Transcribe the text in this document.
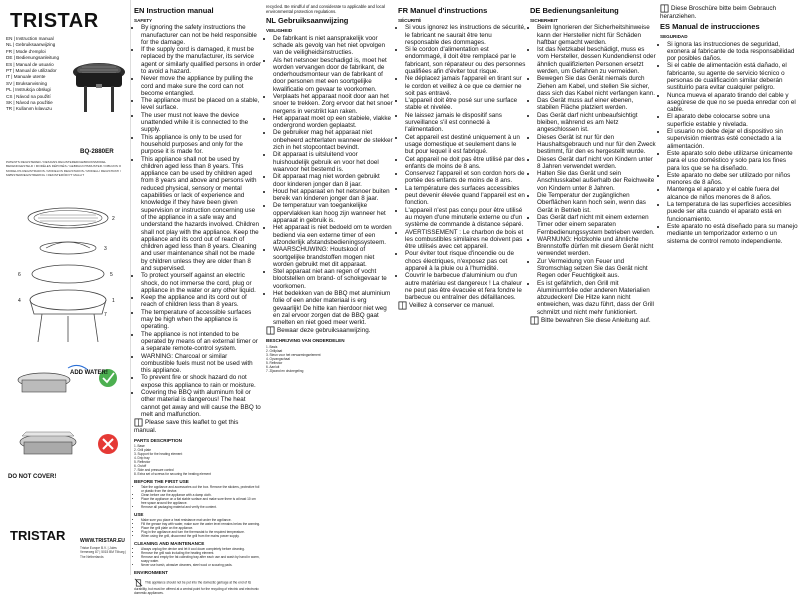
TRISTAR
EN | Instruction manual
NL | Gebruiksaanwijzing
FR | Mode d'emploi
DE | Bedienungsanleitung
ES | Manual de usuario
PT | Manual de utilizador
IT | Manuale utente
SV | Bruksanvisning
PL | Instrukcja obsługi
CS | Návod na použití
SK | Návod na použitie
TR | Kullanım kılavuzu
BQ-2880ER
PATENTS REGISTERED / DESIGNS REGISTERED/GEBRUIKSMODEL BEKENDGESTELD / MODÈLES DÉPOSÉS / GEBRAUCHSMUSTER / DIBUJOS O MODELOS REGISTRADOS / MODELOS REGISTADOS / MODELLI REGISTRATI / MØNSTERREGISTRERING / REKISTERÖIDYT MALLIT
2
3
5
1
4
6
7
ADD WATER!
DO NOT COVER!
TRISTAR	WWW.TRISTAR.EU
Tristar Europe B.V. | Jules Verneweg 87 | 5015 BM Tilburg | The Netherlands
EN Instruction manual
SAFETY
• By ignoring the safety instructions the manufacturer can not be held responsible for the damage.
• If the supply cord is damaged, it must be replaced by the manufacturer, its service agent or similarly qualified persons in order to avoid a hazard.
• Never move the appliance by pulling the cord and make sure the cord can not become entangled.
• The appliance must be placed on a stable, level surface.
• The user must not leave the device unattended while it is connected to the supply.
• This appliance is only to be used for household purposes and only for the purpose it is made for.
• This appliance shall not be used by children aged less than 8 years. This appliance can be used by children aged from 8 years and above and persons with reduced physical, sensory or mental capabilities or lack of experience and knowledge if they have been given supervision or instruction concerning use of the appliance in a safe way and understand the hazards involved. Children shall not play with the appliance. Keep the appliance and its cord out of reach of children aged less than 8 years. Cleaning and user maintenance shall not be made by children unless they are older than 8 and supervised.
• To protect yourself against an electric shock, do not immerse the cord, plug or appliance in the water or any other liquid.
• Keep the appliance and its cord out of reach of children less than 8 years.
• The temperature of accessible surfaces may be high when the appliance is operating.
• The appliance is not intended to be operated by means of an external timer or a separate remote-control system.
• WARNING: Charcoal or similar combustible fuels must not be used with this appliance.
• To prevent fire or shock hazard do not expose this appliance to rain or moisture.
• Covering the BBQ with aluminum foil or other material is dangerous! The heat cannot get away and will cause the BBQ to melt and malfunction.
Please save this leaflet to get this manual.
PARTS DESCRIPTION
1. Base
2. Grill plate
3. Support for the heating element
4. Drip tray
5. Reflector
6. On/off
7. Side and pressure control
8. Extra set of screws for securing the heating element
BEFORE THE FIRST USE
• Take the appliance and accessories out the box. Remove the stickers, protective foil or plastic from the device.
• Clean before use the appliance with a damp cloth.
• Place the appliance on a flat stable surface and make sure there is at least 10 cm free space around the appliance.
• Remove all packaging material and verify the content.
USE
• Make sure you place a heat resistance mat under the appliance.
• Fill the grease tray with water, make sure the water level remains below the warning.
• Place the grill plate on the appliance.
• Plug in the appliance and turn the thermostat to the required temperature.
• When using the grill, disconnect the grill from the mains power supply.
CLEANING AND MAINTENANCE
• Always unplug the device and let it cool down completely before cleaning.
• Remove the grill rack including the heating element.
• Remove and empty the fat collecting tray after each use and wash by hand in warm, soapy water.
• Never use harsh, abrasive cleaners, steel wool or scouring pads.
ENVIRONMENT
This appliance should not be put into the domestic garbage at the end of its durability, but must be offered at a central point for the recycling of electric and electronic domestic appliances.
recycled. Be mindful of and considerate to applicable and local environmental protection regulations.
NL Gebruiksaanwijzing
VEILIGHEID
• De fabrikant is niet aansprakelijk voor schade als gevolg van het niet opvolgen van de veiligheidsinstructies.
• Als het netsnoer beschadigd is, moet het worden vervangen door de fabrikant, de onderhoudsmonteur van de fabrikant of door personen met een soortgelijke kwalificatie om gevaar te voorkomen.
• Verplaats het apparaat nooit door aan het snoer te trekken. Zorg ervoor dat het snoer nergens in verstrikt kan raken.
• Het apparaat moet op een stabiele, vlakke ondergrond worden geplaatst.
• De gebruiker mag het apparaat niet onbeheerd achterlaten wanneer de stekker zich in het stopcontact bevindt.
• Dit apparaat is uitsluitend voor huishoudelijk gebruik en voor het doel waarvoor het bestemd is.
• Dit apparaat mag niet worden gebruikt door kinderen jonger dan 8 jaar.
• Houd het apparaat en het netsnoer buiten bereik van kinderen jonger dan 8 jaar.
• De temperatuur van toegankelijke oppervlakken kan hoog zijn wanneer het apparaat in gebruik is.
• Het apparaat is niet bedoeld om te worden bediend via een externe timer of een afzonderlijk afstandsbedieningssysteem.
• WAARSCHUWING: Houtskool of soortgelijke brandstoffen mogen niet worden gebruikt met dit apparaat.
• Stel apparaat niet aan regen of vocht blootstellen om brand- of schokgevaar te voorkomen.
• Het bedekken van de BBQ met aluminium folie of een ander materiaal is erg gevaarlijk! De hitte kan hierdoor niet weg en zal ervoor zorgen dat de BBQ gaat smelten en niet goed meer werkt.
Bewaar deze gebruiksaanwijzing.
BESCHRIJVING VAN ONDERDELEN
1. Basis
2. Grillplaat
3. Steun voor het verwarmingselement
4. Opvangschaal
5. Reflector
6. Aan/uit
7. Zijwand en drukregeling
FR Manuel d'instructions
SÉCURITÉ
• Si vous ignorez les instructions de sécurité, le fabricant ne saurait être tenu responsable des dommages.
• Si le cordon d'alimentation est endommagé, il doit être remplacé par le fabricant, son réparateur ou des personnes qualifiées afin d'éviter tout risque.
• Ne déplacez jamais l'appareil en tirant sur le cordon et veillez à ce que ce dernier ne soit pas entravé.
• L'appareil doit être posé sur une surface stable et nivelée.
• Ne laissez jamais le dispositif sans surveillance s'il est connecté à l'alimentation.
• Cet appareil est destiné uniquement à un usage domestique et seulement dans le but pour lequel il est fabriqué.
• Cet appareil ne doit pas être utilisé par des enfants de moins de 8 ans.
• Conservez l'appareil et son cordon hors de portée des enfants de moins de 8 ans.
• La température des surfaces accessibles peut devenir élevée quand l'appareil est en fonction.
• L'appareil n'est pas conçu pour être utilisé au moyen d'une minuterie externe ou d'un système de commande à distance séparé.
• AVERTISSEMENT : Le charbon de bois et les combustibles similaires ne doivent pas être utilisés avec cet appareil.
• Pour éviter tout risque d'incendie ou de chocs électriques, n'exposez pas cet appareil à la pluie ou à l'humidité.
• Couvrir le barbecue d'aluminium ou d'un autre matériau est dangereux ! La chaleur ne peut pas être évacuée et fera fondre le barbecue ou entraîner des défaillances.
Veillez à conserver ce manuel.
DE Bedienungsanleitung
SICHERHEIT
• Beim Ignorieren der Sicherheitshinweise kann der Hersteller nicht für Schäden haftbar gemacht werden.
• Ist das Netzkabel beschädigt, muss es vom Hersteller, dessen Kundendienst oder ähnlich qualifizierten Personen ersetzt werden, um Gefahren zu vermeiden.
• Bewegen Sie das Gerät niemals durch Ziehen am Kabel, und stellen Sie sicher, dass sich das Kabel nicht verfangen kann.
• Das Gerät muss auf einer ebenen, stabilen Fläche platziert werden.
• Das Gerät darf nicht unbeaufsichtigt bleiben, während es am Netz angeschlossen ist.
• Dieses Gerät ist nur für den Haushaltsgebrauch und nur für den Zweck bestimmt, für den es hergestellt wurde.
• Dieses Gerät darf nicht von Kindern unter 8 Jahren verwendet werden.
• Halten Sie das Gerät und sein Anschlusskabel außerhalb der Reichweite von Kindern unter 8 Jahren.
• Die Temperatur der zugänglichen Oberflächen kann hoch sein, wenn das Gerät in Betrieb ist.
• Das Gerät darf nicht mit einem externen Timer oder einem separaten Fernbedienungssystem betrieben werden.
• WARNUNG: Holzkohle und ähnliche Brennstoffe dürfen mit diesem Gerät nicht verwendet werden.
• Zur Vermeidung von Feuer und Stromschlag setzen Sie das Gerät nicht Regen oder Feuchtigkeit aus.
• Es ist gefährlich, den Grill mit Aluminiumfolie oder anderen Materialien abzudecken! Die Hitze kann nicht entweichen, was dazu führt, dass der Grill schmilzt und nicht mehr funktioniert.
Bitte bewahren Sie diese Anleitung auf.
Diese Broschüre bitte beim Gebrauch heranziehen.
ES Manual de instrucciones
SEGURIDAD
• Si ignora las instrucciones de seguridad, exonera al fabricante de toda responsabilidad por posibles daños.
• Si el cable de alimentación está dañado, el fabricante, su agente de servicio técnico o personas de cualificación similar deberán sustituirlo para evitar cualquier peligro.
• Nunca mueva el aparato tirando del cable y asegúrese de que no se pueda enredar con el cable.
• El aparato debe colocarse sobre una superficie estable y nivelada.
• El usuario no debe dejar el dispositivo sin supervisión mientras esté conectado a la alimentación.
• Este aparato solo debe utilizarse únicamente para el uso doméstico y solo para los fines para los que se ha diseñado.
• Este aparato no debe ser utilizado por niños menores de 8 años.
• Mantenga el aparato y el cable fuera del alcance de niños menores de 8 años.
• La temperatura de las superficies accesibles puede ser alta cuando el aparato está en funcionamiento.
• Este aparato no está diseñado para su manejo mediante un temporizador externo o un sistema de control remoto independiente.
